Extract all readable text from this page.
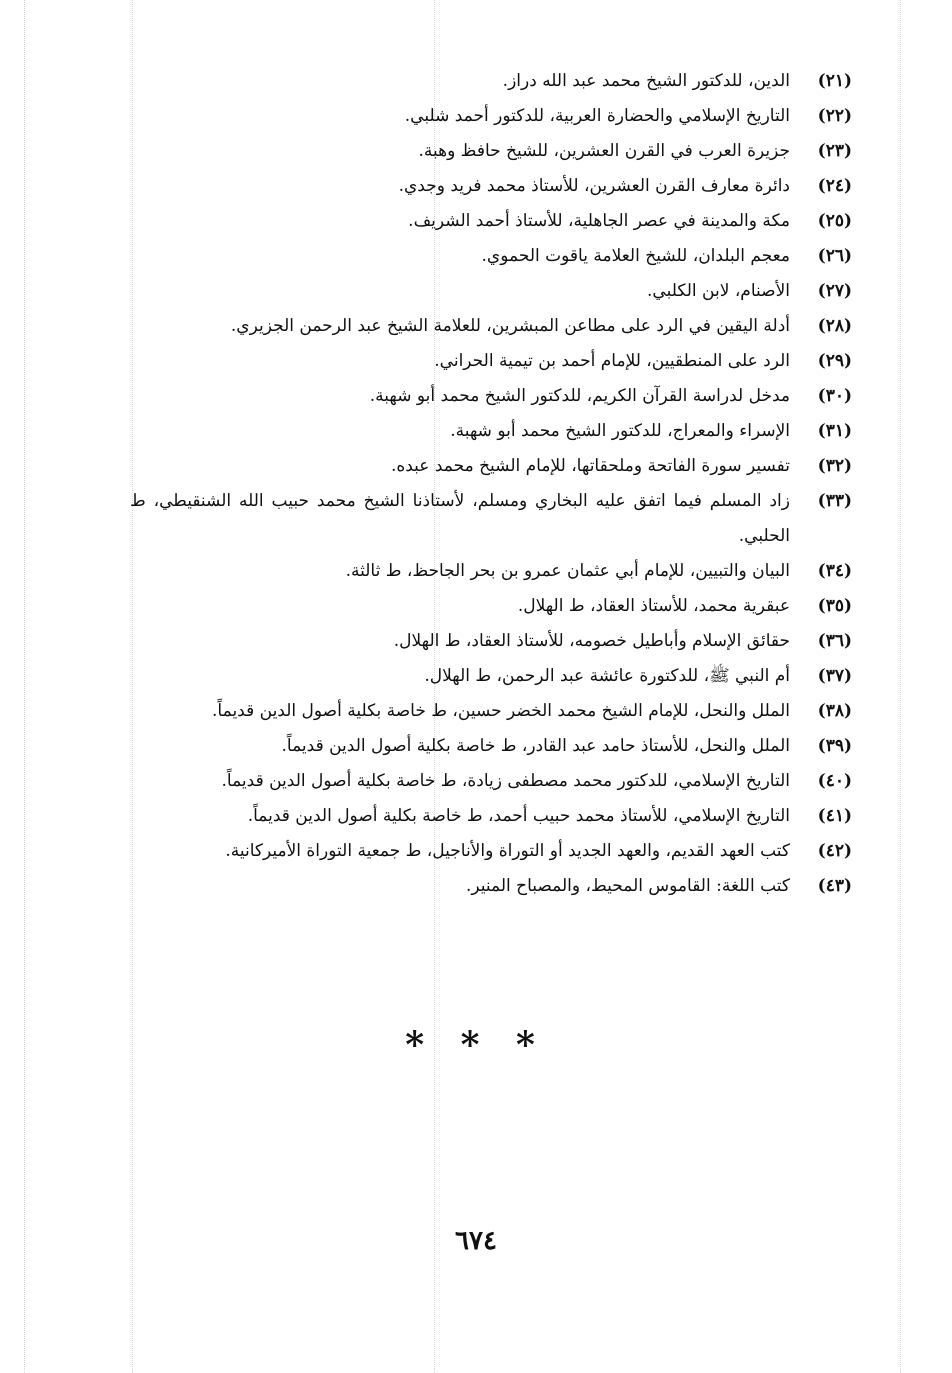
(٢١)
الدين، للدكتور الشيخ محمد عبد الله دراز.
(٢٢)
التاريخ الإسلامي والحضارة العربية، للدكتور أحمد شلبي.
(٢٣)
جزيرة العرب في القرن العشرين، للشيخ حافظ وهبة.
(٢٤)
دائرة معارف القرن العشرين، للأستاذ محمد فريد وجدي.
(٢٥)
مكة والمدينة في عصر الجاهلية، للأستاذ أحمد الشريف.
(٢٦)
معجم البلدان، للشيخ العلامة ياقوت الحموي.
(٢٧)
الأصنام، لابن الكلبي.
(٢٨)
أدلة اليقين في الرد على مطاعن المبشرين، للعلامة الشيخ عبد الرحمن الجزيري.
(٢٩)
الرد على المنطقيين، للإمام أحمد بن تيمية الحراني.
(٣٠)
مدخل لدراسة القرآن الكريم، للدكتور الشيخ محمد أبو شهبة.
(٣١)
الإسراء والمعراج، للدكتور الشيخ محمد أبو شهبة.
(٣٢)
تفسير سورة الفاتحة وملحقاتها، للإمام الشيخ محمد عبده.
(٣٣)
زاد المسلم فيما اتفق عليه البخاري ومسلم، لأستاذنا الشيخ محمد حبيب الله الشنقيطي، ط الحلبي.
(٣٤)
البيان والتبيين، للإمام أبي عثمان عمرو بن بحر الجاحظ، ط ثالثة.
(٣٥)
عبقرية محمد، للأستاذ العقاد، ط الهلال.
(٣٦)
حقائق الإسلام وأباطيل خصومه، للأستاذ العقاد، ط الهلال.
(٣٧)
أم النبي ﷺ، للدكتورة عائشة عبد الرحمن، ط الهلال.
(٣٨)
الملل والنحل، للإمام الشيخ محمد الخضر حسين، ط خاصة بكلية أصول الدين قديماً.
(٣٩)
الملل والنحل، للأستاذ حامد عبد القادر، ط خاصة بكلية أصول الدين قديماً.
(٤٠)
التاريخ الإسلامي، للدكتور محمد مصطفى زيادة، ط خاصة بكلية أصول الدين قديماً.
(٤١)
التاريخ الإسلامي، للأستاذ محمد حبيب أحمد، ط خاصة بكلية أصول الدين قديماً.
(٤٢)
كتب العهد القديم، والعهد الجديد أو التوراة والأناجيل، ط جمعية التوراة الأميركانية.
(٤٣)
كتب اللغة: القاموس المحيط، والمصباح المنير.
* * *
٦٧٤
